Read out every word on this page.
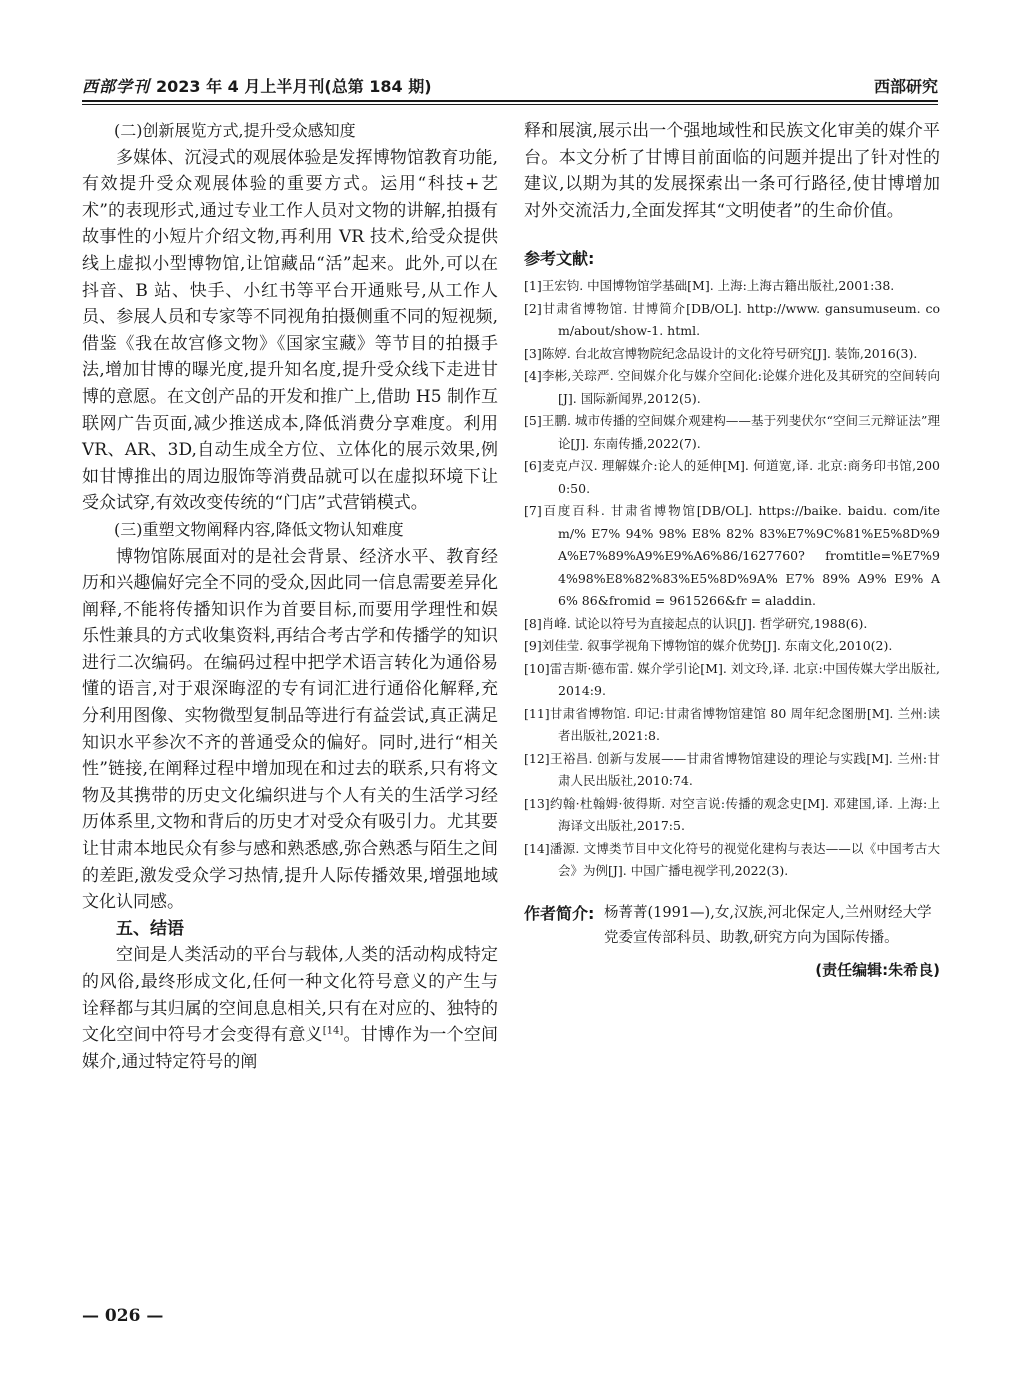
西部学刊 2023 年 4 月上半月刊(总第 184 期)	西部研究

(二)创新展览方式,提升受众感知度

多媒体、沉浸式的观展体验是发挥博物馆教育功能,有效提升受众观展体验的重要方式。运用“科技+艺术”的表现形式,通过专业工作人员对文物的讲解,拍摄有故事性的小短片介绍文物,再利用 VR 技术,给受众提供线上虚拟小型博物馆,让馆藏品“活”起来。此外,可以在抖音、B 站、快手、小红书等平台开通账号,从工作人员、参展人员和专家等不同视角拍摄侧重不同的短视频,借鉴《我在故宫修文物》《国家宝藏》等节目的拍摄手法,增加甘博的曝光度,提升知名度,提升受众线下走进甘博的意愿。在文创产品的开发和推广上,借助 H5 制作互联网广告页面,减少推送成本,降低消费分享难度。利用 VR、AR、3D,自动生成全方位、立体化的展示效果,例如甘博推出的周边服饰等消费品就可以在虚拟环境下让受众试穿,有效改变传统的“门店”式营销模式。

(三)重塑文物阐释内容,降低文物认知难度

博物馆陈展面对的是社会背景、经济水平、教育经历和兴趣偏好完全不同的受众,因此同一信息需要差异化阐释,不能将传播知识作为首要目标,而要用学理性和娱乐性兼具的方式收集资料,再结合考古学和传播学的知识进行二次编码。在编码过程中把学术语言转化为通俗易懂的语言,对于艰深晦涩的专有词汇进行通俗化解释,充分利用图像、实物微型复制品等进行有益尝试,真正满足知识水平参次不齐的普通受众的偏好。同时,进行“相关性”链接,在阐释过程中增加现在和过去的联系,只有将文物及其携带的历史文化编织进与个人有关的生活学习经历体系里,文物和背后的历史才对受众有吸引力。尤其要让甘肃本地民众有参与感和熟悉感,弥合熟悉与陌生之间的差距,激发受众学习热情,提升人际传播效果,增强地域文化认同感。

五、结语

空间是人类活动的平台与载体,人类的活动构成特定的风俗,最终形成文化,任何一种文化符号意义的产生与诠释都与其归属的空间息息相关,只有在对应的、独特的文化空间中符号才会变得有意义[14]。甘博作为一个空间媒介,通过特定符号的阐

释和展演,展示出一个强地域性和民族文化审美的媒介平台。本文分析了甘博目前面临的问题并提出了针对性的建议,以期为其的发展探索出一条可行路径,使甘博增加对外交流活力,全面发挥其“文明使者”的生命价值。

参考文献:
[1]王宏钧. 中国博物馆学基础[M]. 上海:上海古籍出版社,2001:38.
[2]甘肃省博物馆. 甘博简介[DB/OL]. http://www. gansumuseum. com/about/show-1. html.
[3]陈婷. 台北故宫博物院纪念品设计的文化符号研究[J]. 装饰,2016(3).
[4]李彬,关琮严. 空间媒介化与媒介空间化:论媒介进化及其研究的空间转向[J]. 国际新闻界,2012(5).
[5]王鹏. 城市传播的空间媒介观建构——基于列斐伏尔“空间三元辩证法”理论[J]. 东南传播,2022(7).
[6]麦克卢汉. 理解媒介:论人的延伸[M]. 何道宽,译. 北京:商务印书馆,2000:50.
[7]百度百科. 甘肃省博物馆[DB/OL]. https://baike. baidu. com/item/% E7% 94% 98% E8% 82% 83%E7%9C%81%E5%8D%9A%E7%89%A9%E9%A6%86/1627760? fromtitle=%E7%94%98%E8%82%83%E5%8D%9A% E7% 89% A9% E9% A6% 86&fromid = 9615266&fr = aladdin.
[8]肖峰. 试论以符号为直接起点的认识[J]. 哲学研究,1988(6).
[9]刘佳莹. 叙事学视角下博物馆的媒介优势[J]. 东南文化,2010(2).
[10]雷吉斯·德布雷. 媒介学引论[M]. 刘文玲,译. 北京:中国传媒大学出版社,2014:9.
[11]甘肃省博物馆. 印记:甘肃省博物馆建馆 80 周年纪念图册[M]. 兰州:读者出版社,2021:8.
[12]王裕昌. 创新与发展——甘肃省博物馆建设的理论与实践[M]. 兰州:甘肃人民出版社,2010:74.
[13]约翰·杜翰姆·彼得斯. 对空言说:传播的观念史[M]. 邓建国,译. 上海:上海译文出版社,2017:5.
[14]潘源. 文博类节目中文化符号的视觉化建构与表达——以《中国考古大会》为例[J]. 中国广播电视学刊,2022(3).
作者简介: 杨菁菁(1991—),女,汉族,河北保定人,兰州财经大学党委宣传部科员、助教,研究方向为国际传播。
(责任编辑:朱希良)
— 026 —
